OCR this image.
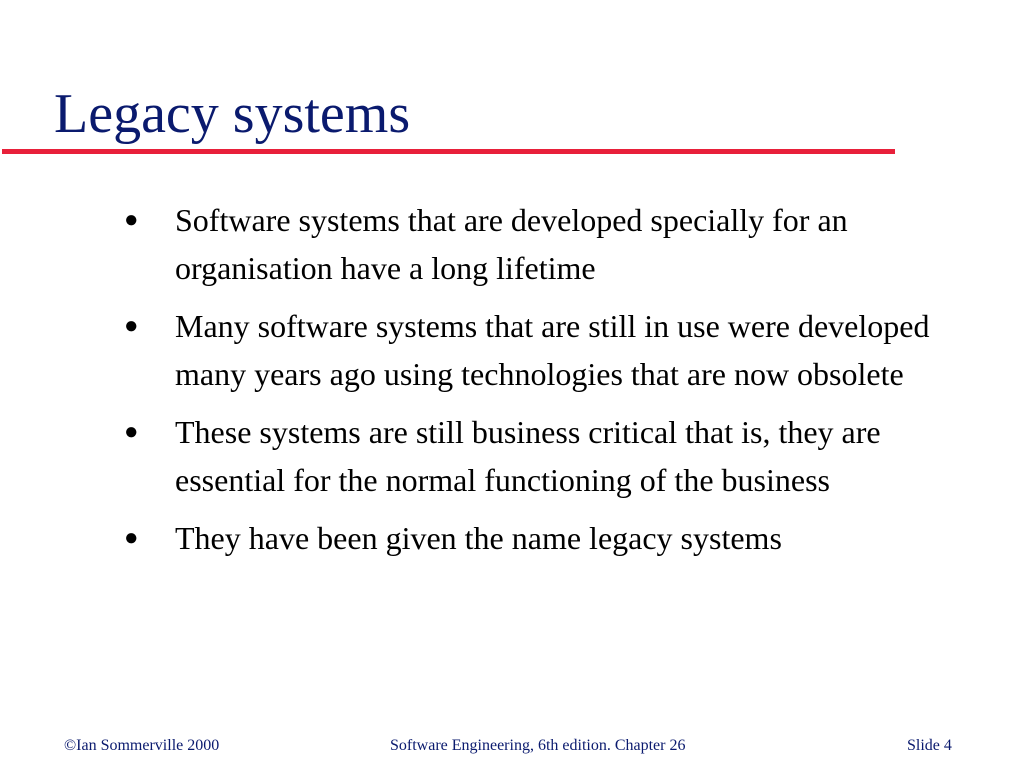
Legacy systems
● Software systems that are developed specially for an organisation have a long lifetime
● Many software systems that are still in use were developed many years ago using technologies that are now obsolete
● These systems are still business critical that is, they are essential for the normal functioning of the business
● They have been given the name legacy systems
©Ian Sommerville 2000	Software Engineering, 6th edition. Chapter 26	Slide 4
